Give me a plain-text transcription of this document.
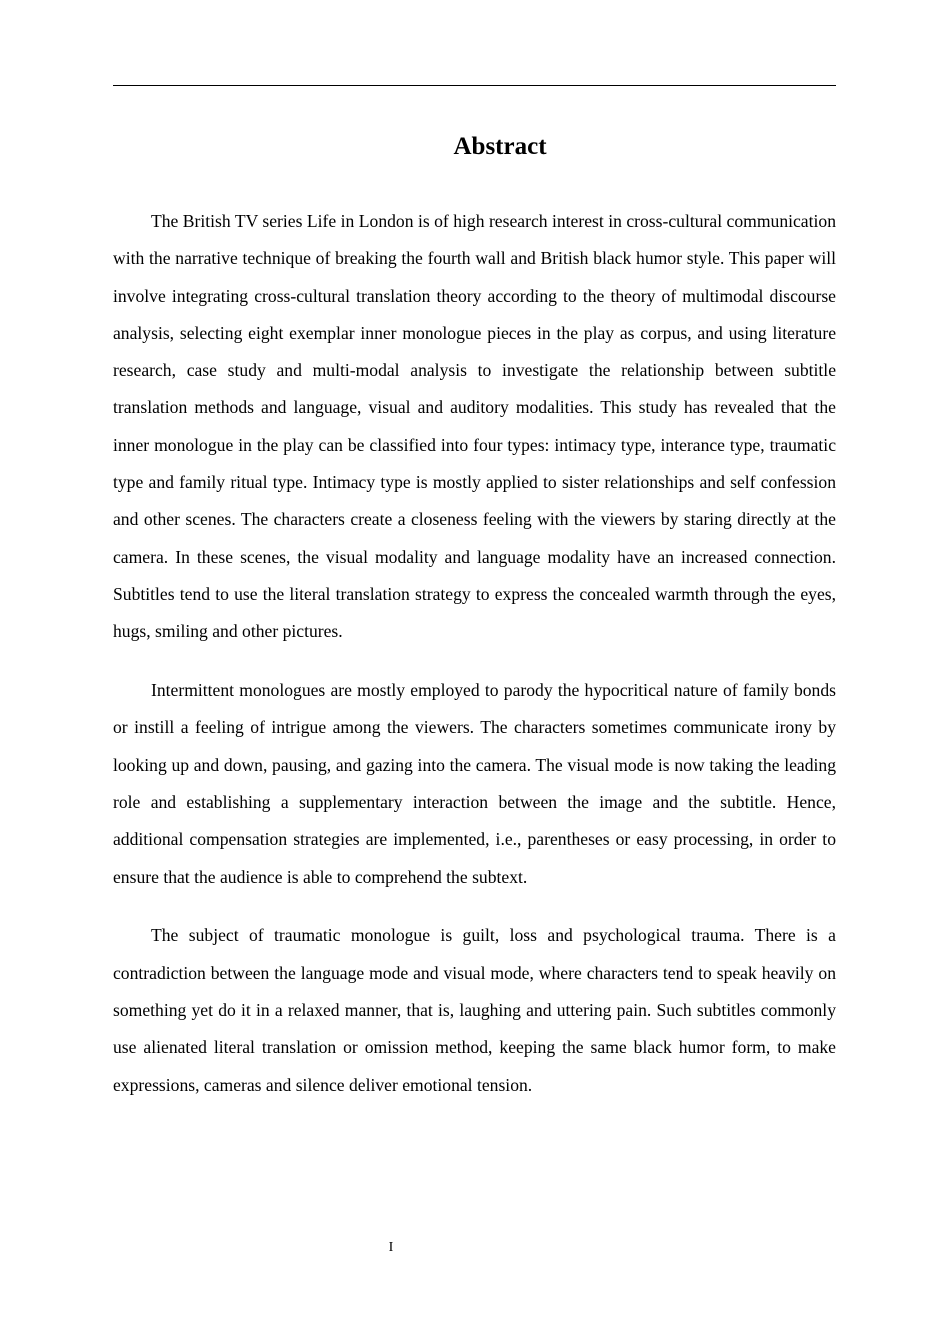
Abstract

The British TV series Life in London is of high research interest in cross-cultural communication with the narrative technique of breaking the fourth wall and British black humor style. This paper will involve integrating cross-cultural translation theory according to the theory of multimodal discourse analysis, selecting eight exemplar inner monologue pieces in the play as corpus, and using literature research, case study and multi-modal analysis to investigate the relationship between subtitle translation methods and language, visual and auditory modalities. This study has revealed that the inner monologue in the play can be classified into four types: intimacy type, interance type, traumatic type and family ritual type. Intimacy type is mostly applied to sister relationships and self confession and other scenes. The characters create a closeness feeling with the viewers by staring directly at the camera. In these scenes, the visual modality and language modality have an increased connection. Subtitles tend to use the literal translation strategy to express the concealed warmth through the eyes, hugs, smiling and other pictures.

Intermittent monologues are mostly employed to parody the hypocritical nature of family bonds or instill a feeling of intrigue among the viewers. The characters sometimes communicate irony by looking up and down, pausing, and gazing into the camera. The visual mode is now taking the leading role and establishing a supplementary interaction between the image and the subtitle. Hence, additional compensation strategies are implemented, i.e., parentheses or easy processing, in order to ensure that the audience is able to comprehend the subtext.

The subject of traumatic monologue is guilt, loss and psychological trauma. There is a contradiction between the language mode and visual mode, where characters tend to speak heavily on something yet do it in a relaxed manner, that is, laughing and uttering pain. Such subtitles commonly use alienated literal translation or omission method, keeping the same black humor form, to make expressions, cameras and silence deliver emotional tension.

I
